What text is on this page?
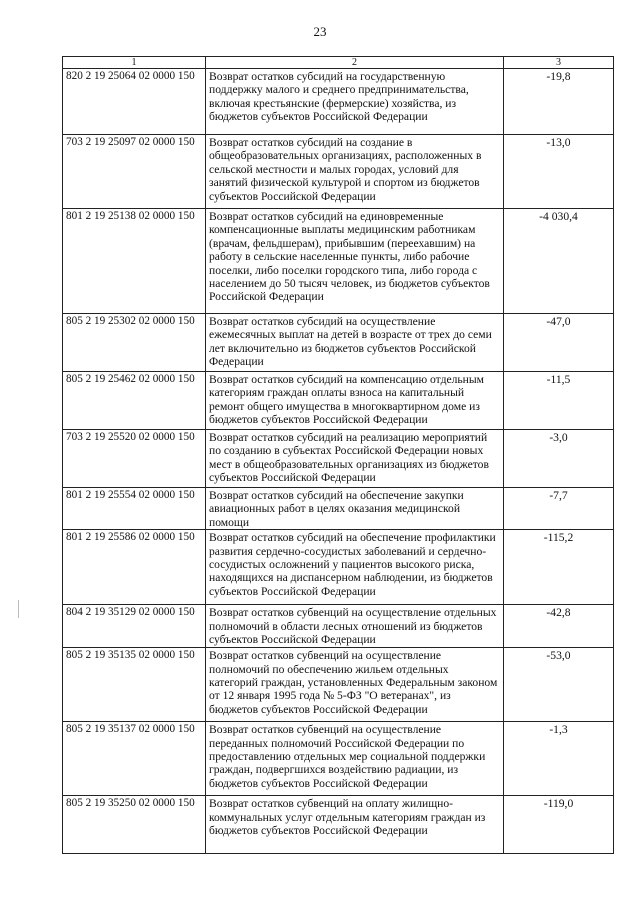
23
1	2	3
820 2 19 25064 02 0000 150	Возврат остатков субсидий на государственную поддержку малого и среднего предпринимательства, включая крестьянские (фермерские) хозяйства, из бюджетов субъектов Российской Федерации	-19,8
703 2 19 25097 02 0000 150	Возврат остатков субсидий на создание в общеобразовательных организациях, расположенных в сельской местности и малых городах, условий для занятий физической культурой и спортом из бюджетов субъектов Российской Федерации	-13,0
801 2 19 25138 02 0000 150	Возврат остатков субсидий на единовременные компенсационные выплаты медицинским работникам (врачам, фельдшерам), прибывшим (переехавшим) на работу в сельские населенные пункты, либо рабочие поселки, либо поселки городского типа, либо города с населением до 50 тысяч человек, из бюджетов субъектов Российской Федерации	-4 030,4
805 2 19 25302 02 0000 150	Возврат остатков субсидий на осуществление ежемесячных выплат на детей в возрасте от трех до семи лет включительно из бюджетов субъектов Российской Федерации	-47,0
805 2 19 25462 02 0000 150	Возврат остатков субсидий на компенсацию отдельным категориям граждан оплаты взноса на капитальный ремонт общего имущества в многоквартирном доме из бюджетов субъектов Российской Федерации	-11,5
703 2 19 25520 02 0000 150	Возврат остатков субсидий на реализацию мероприятий по созданию в субъектах Российской Федерации новых мест в общеобразовательных организациях из бюджетов субъектов Российской Федерации	-3,0
801 2 19 25554 02 0000 150	Возврат остатков субсидий на обеспечение закупки авиационных работ в целях оказания медицинской помощи	-7,7
801 2 19 25586 02 0000 150	Возврат остатков субсидий на обеспечение профилактики развития сердечно-сосудистых заболеваний и сердечно-сосудистых осложнений у пациентов высокого риска, находящихся на диспансерном наблюдении, из бюджетов субъектов Российской Федерации	-115,2
804 2 19 35129 02 0000 150	Возврат остатков субвенций на осуществление отдельных полномочий в области лесных отношений из бюджетов субъектов Российской Федерации	-42,8
805 2 19 35135 02 0000 150	Возврат остатков субвенций на осуществление полномочий по обеспечению жильем отдельных категорий граждан, установленных Федеральным законом от 12 января 1995 года № 5-ФЗ "О ветеранах", из бюджетов субъектов Российской Федерации	-53,0
805 2 19 35137 02 0000 150	Возврат остатков субвенций на осуществление переданных полномочий Российской Федерации по предоставлению отдельных мер социальной поддержки граждан, подвергшихся воздействию радиации, из бюджетов субъектов Российской Федерации	-1,3
805 2 19 35250 02 0000 150	Возврат остатков субвенций на оплату жилищно-коммунальных услуг отдельным категориям граждан из бюджетов субъектов Российской Федерации	-119,0
